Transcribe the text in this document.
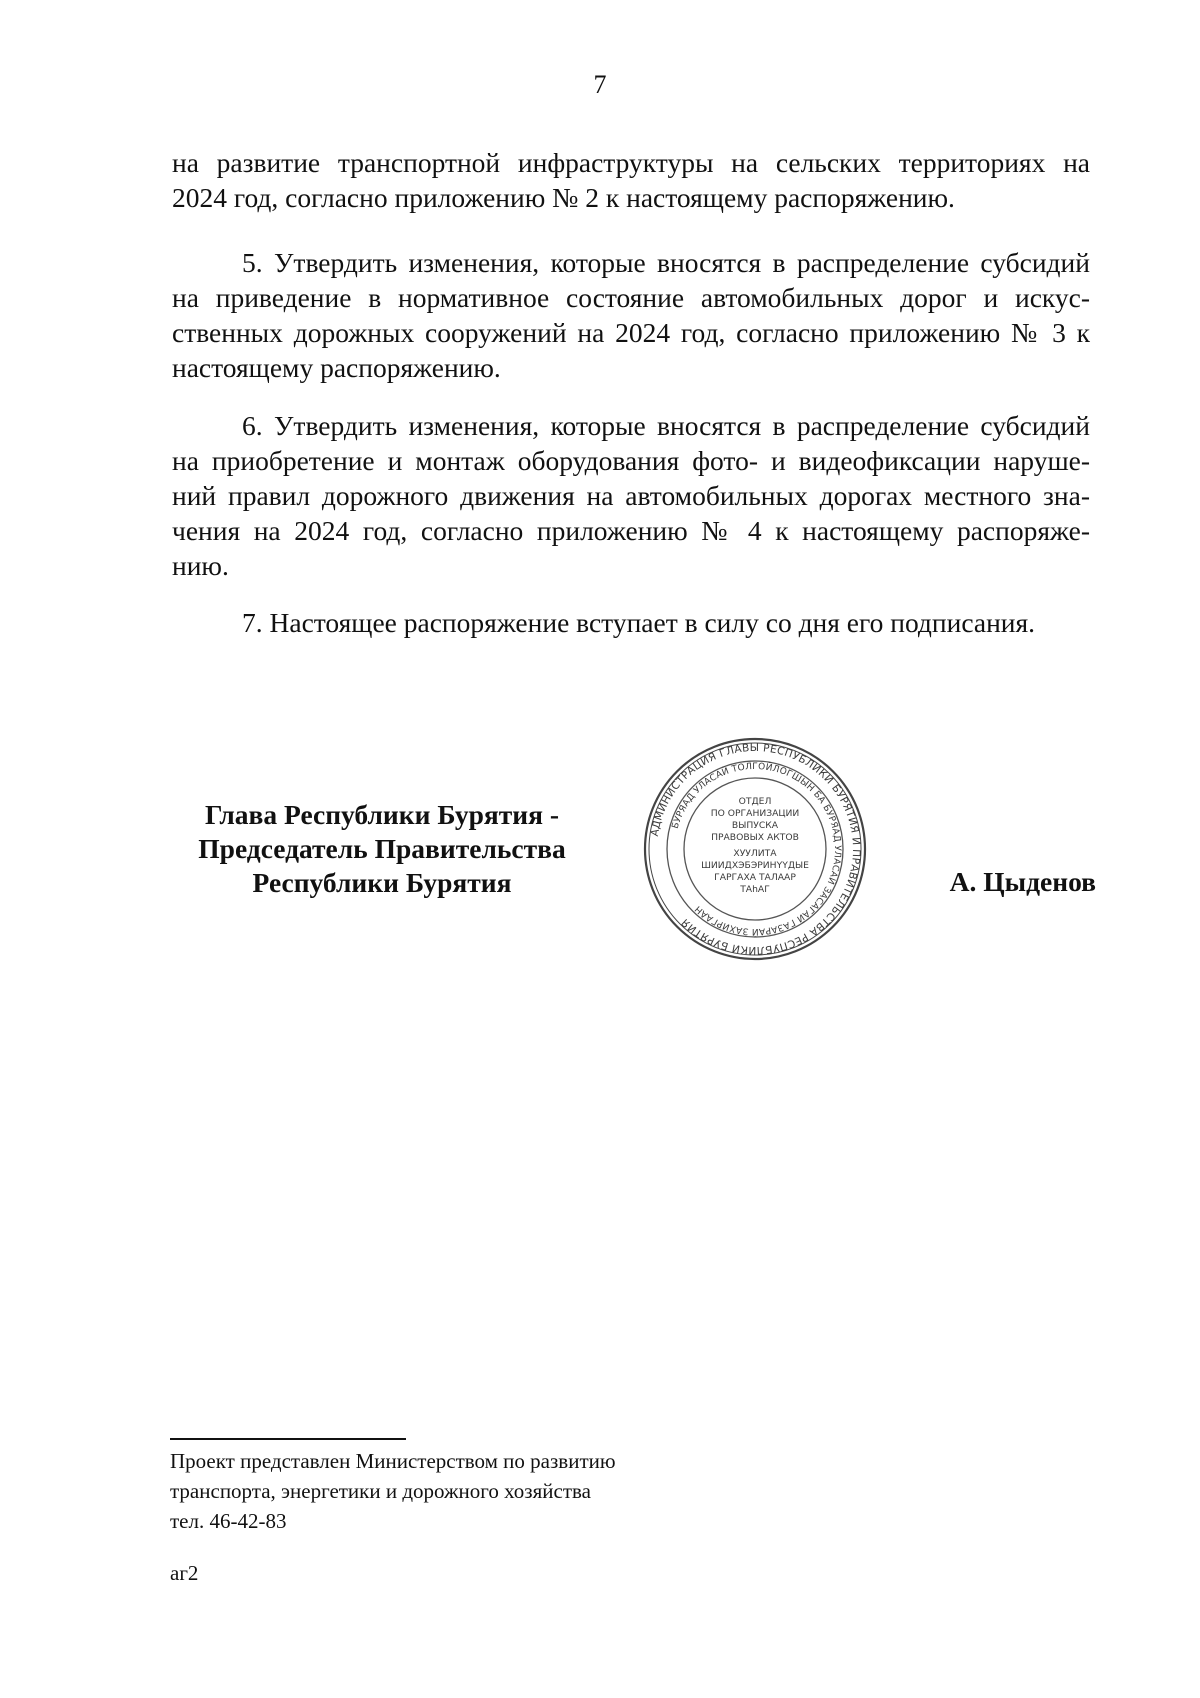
7

на развитие транспортной инфраструктуры на сельских территориях на

2024 год, согласно приложению № 2 к настоящему распоряжению.

5. Утвердить изменения, которые вносятся в распределение субсидий

на приведение в нормативное состояние автомобильных дорог и искус-

ственных дорожных сооружений на 2024 год, согласно приложению № 3 к

настоящему распоряжению.

6. Утвердить изменения, которые вносятся в распределение субсидий

на приобретение и монтаж оборудования фото- и видеофиксации наруше-

ний правил дорожного движения на автомобильных дорогах местного зна-

чения на 2024 год, согласно приложению № 4 к настоящему распоряже-

нию.

7. Настоящее распоряжение вступает в силу со дня его подписания.

Глава Республики Бурятия -
Председатель Правительства
Республики Бурятия
АДМИНИСТРАЦИЯ ГЛАВЫ РЕСПУБЛИКИ БУРЯТИЯ И ПРАВИТЕЛЬСТВА РЕСПУБЛИКИ БУРЯТИЯ
БУРЯАД УЛАСАЙ ТОЛГОЙЛОГШЫН БА БУРЯАД УЛАСАЙ ЗАСАГАЙ ГАЗАРАЙ ЗАХИРГААН
ОТДЕЛ
ПО ОРГАНИЗАЦИИ
ВЫПУСКА
ПРАВОВЫХ АКТОВ
ХУУЛИТА
ШИИДХЭБЭРИНҮҮДЫЕ
ГАРГАХА ТАЛААР
ТАһАГ	А. Цыденов
Проект представлен Министерством по развитию
транспорта, энергетики и дорожного хозяйства
тел. 46-42-83
аг2
